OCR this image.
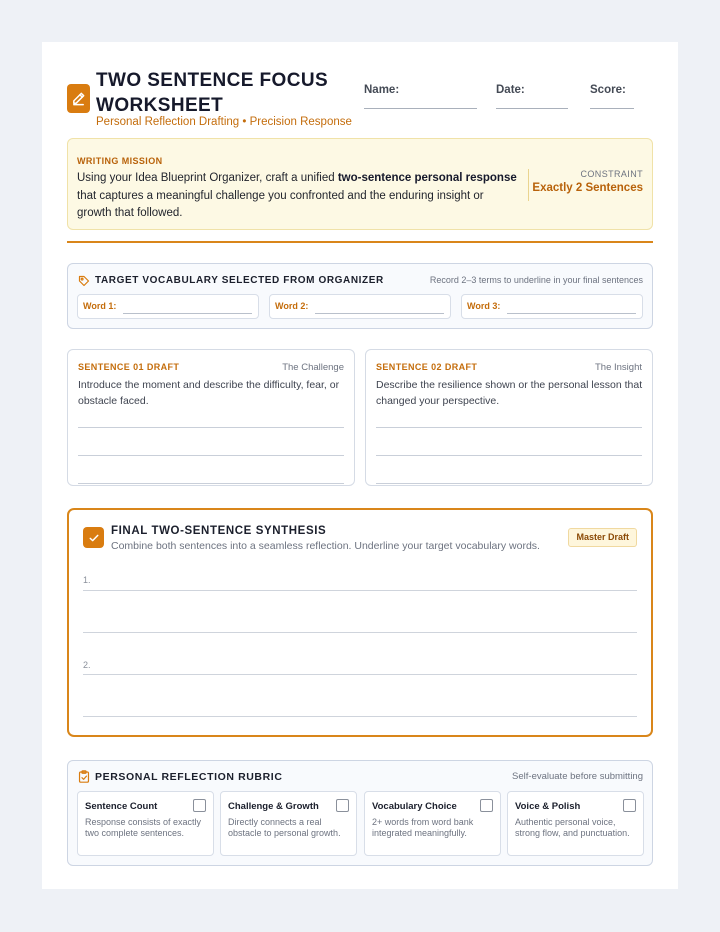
TWO SENTENCE FOCUS WORKSHEET
Personal Reflection Drafting • Precision Response
Name:	Date:	Score:
WRITING MISSION
Using your Idea Blueprint Organizer, craft a unified two-sentence personal response that captures a meaningful challenge you confronted and the enduring insight or growth that followed.
CONSTRAINT
Exactly 2 Sentences
TARGET VOCABULARY SELECTED FROM ORGANIZER	Record 2–3 terms to underline in your final sentences
Word 1:	Word 2:	Word 3:
SENTENCE 01 DRAFT	The Challenge
Introduce the moment and describe the difficulty, fear, or obstacle faced.
SENTENCE 02 DRAFT	The Insight
Describe the resilience shown or the personal lesson that changed your perspective.
FINAL TWO-SENTENCE SYNTHESIS
Combine both sentences into a seamless reflection. Underline your target vocabulary words.
Master Draft
1.
2.
PERSONAL REFLECTION RUBRIC	Self-evaluate before submitting
Sentence Count
Response consists of exactly two complete sentences.
Challenge & Growth
Directly connects a real obstacle to personal growth.
Vocabulary Choice
2+ words from word bank integrated meaningfully.
Voice & Polish
Authentic personal voice, strong flow, and punctuation.
